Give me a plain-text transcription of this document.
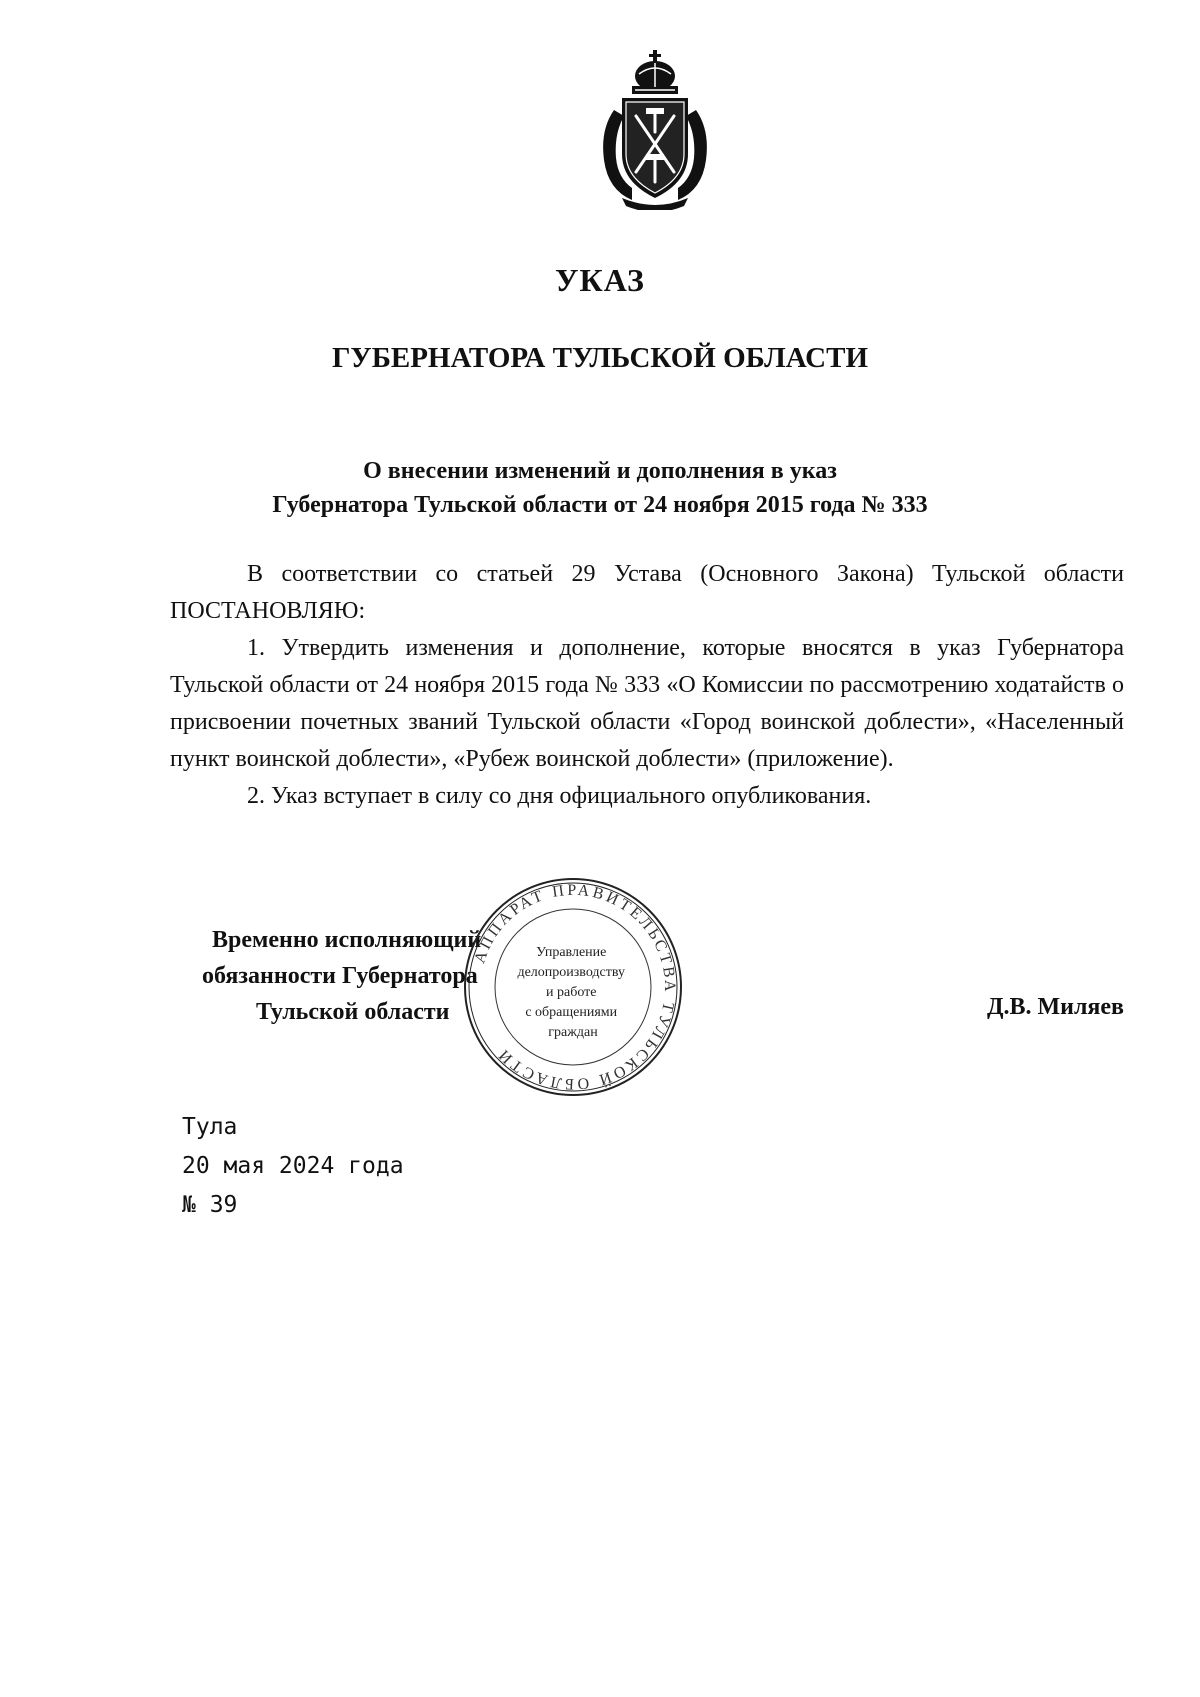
УКАЗ
ГУБЕРНАТОРА ТУЛЬСКОЙ ОБЛАСТИ
О внесении изменений и дополнения в указ
Губернатора Тульской области от 24 ноября 2015 года № 333

В соответствии со статьей 29 Устава (Основного Закона) Тульской области ПОСТАНОВЛЯЮ:

1. Утвердить изменения и дополнение, которые вносятся в указ Губернатора Тульской области от 24 ноября 2015 года № 333 «О Комиссии по рассмотрению ходатайств о присвоении почетных званий Тульской области «Город воинской доблести», «Населенный пункт воинской доблести», «Рубеж воинской доблести» (приложение).

2. Указ вступает в силу со дня официального опубликования.

Временно исполняющий
обязанности Губернатора
Тульской области
АППАРАТ ПРАВИТЕЛЬСТВА ТУЛЬСКОЙ ОБЛАСТИ
Управление делопроизводству и работе с обращениями граждан
Д.В. Миляев
Тула
20 мая 2024 года
№ 39
